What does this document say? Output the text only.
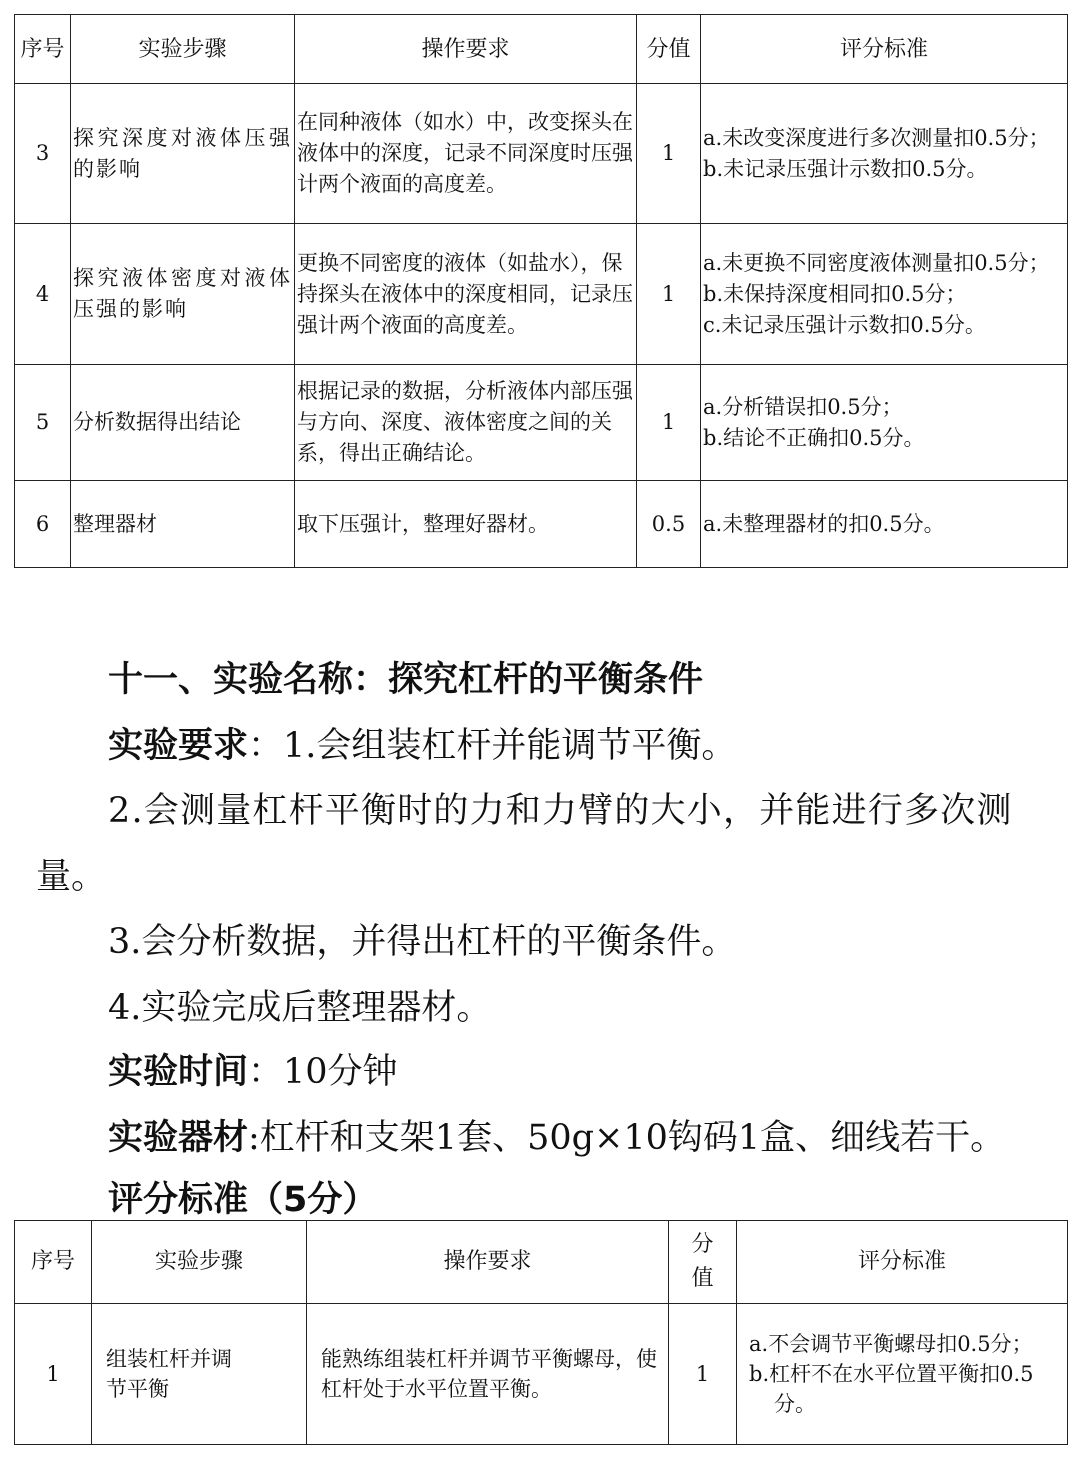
序号	实验步骤	操作要求	分值	评分标准
3	探究深度对液体压强的影响	在同种液体（如水）中，改变探头在液体中的深度，记录不同深度时压强计两个液面的高度差。	1	a.未改变深度进行多次测量扣0.5分；
b.未记录压强计示数扣0.5分。

4	探究液体密度对液体压强的影响	更换不同密度的液体（如盐水），保持探头在液体中的深度相同，记录压强计两个液面的高度差。	1	a.未更换不同密度液体测量扣0.5分；
b.未保持深度相同扣0.5分；
c.未记录压强计示数扣0.5分。

5	分析数据得出结论	根据记录的数据，分析液体内部压强与方向、深度、液体密度之间的关系，得出正确结论。	1	a.分析错误扣0.5分；
b.结论不正确扣0.5分。

6	整理器材	取下压强计，整理好器材。	0.5	a.未整理器材的扣0.5分。
十一、实验名称：探究杠杆的平衡条件
实验要求：1.会组装杠杆并能调节平衡。
2.会测量杠杆平衡时的力和力臂的大小，并能进行多次测
量。
3.会分析数据，并得出杠杆的平衡条件。
4.实验完成后整理器材。
实验时间：10分钟
实验器材:杠杆和支架1套、50g×10钩码1盒、细线若干。
评分标准（5分）
序号	实验步骤	操作要求	分值	评分标准
1	组装杠杆并调节平衡	能熟练组装杠杆并调节平衡螺母，使杠杆处于水平位置平衡。	1	a.不会调节平衡螺母扣0.5分；
b.杠杆不在水平位置平衡扣0.5分。
